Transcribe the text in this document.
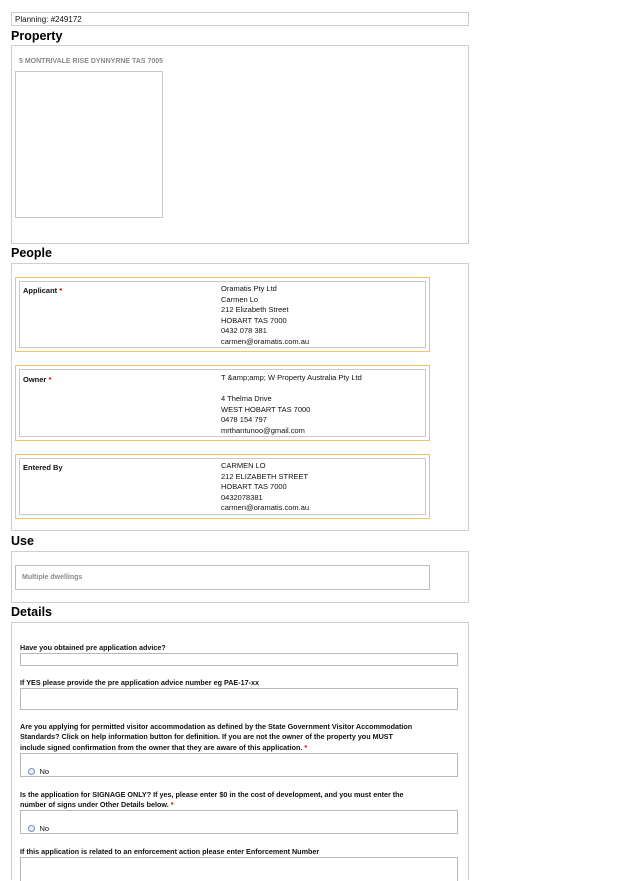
Planning: #249172
Property
5 MONTRIVALE RISE DYNNYRNE TAS 7005
People
Applicant *	Oramatis Pty Ltd
Carmen Lo
212 Elizabeth Street
HOBART TAS 7000
0432 078 381
carmen@oramatis.com.au
Owner *	T &amp;amp; W Property Australia Pty Ltd
4 Thelma Drive
WEST HOBART TAS 7000
0478 154 797
mrthantunoo@gmail.com
Entered By	CARMEN LO
212 ELIZABETH STREET
HOBART TAS 7000
0432078381
carmen@oramatis.com.au
Use
Multiple dwellings
Details
Have you obtained pre application advice?
If YES please provide the pre application advice number eg PAE-17-xx
Are you applying for permitted visitor accommodation as defined by the State Government Visitor Accommodation
Standards? Click on help information button for definition. If you are not the owner of the property you MUST
include signed confirmation from the owner that they are aware of this application. *
No
Is the application for SIGNAGE ONLY? If yes, please enter $0 in the cost of development, and you must enter the
number of signs under Other Details below. *
No
If this application is related to an enforcement action please enter Enforcement Number
